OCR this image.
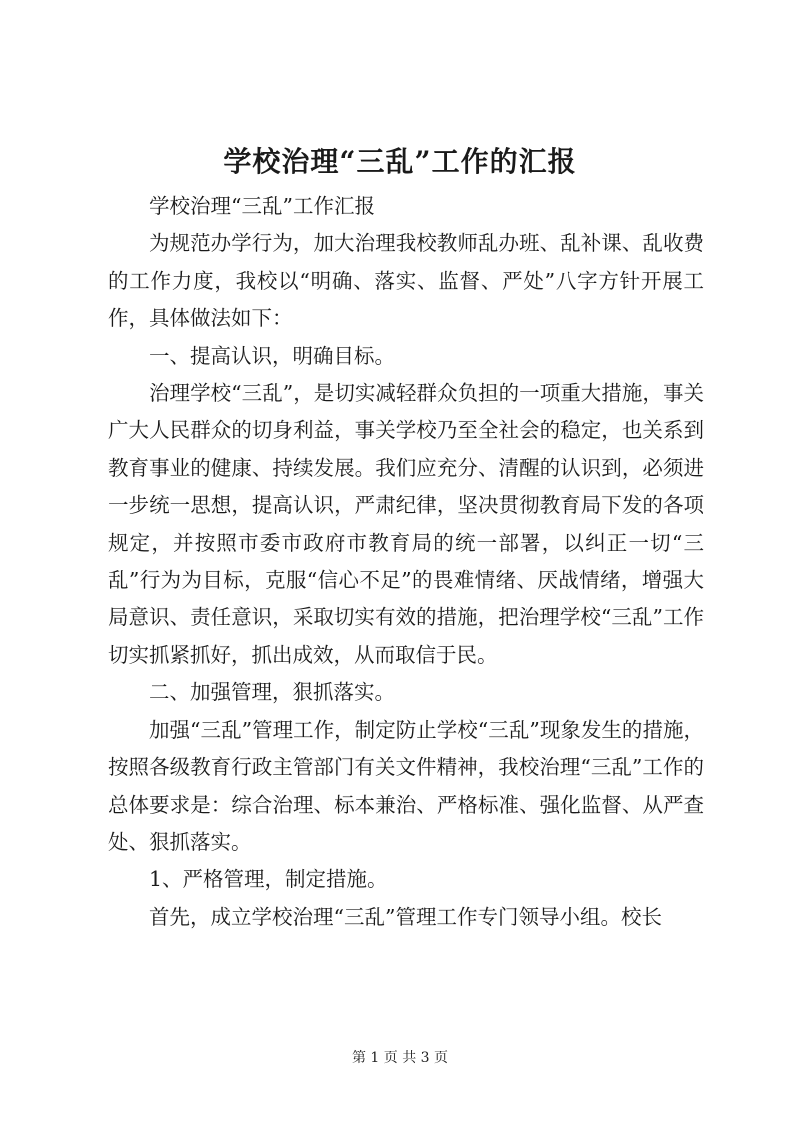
学校治理“三乱”工作的汇报

学校治理“三乱”工作汇报

为规范办学行为，加大治理我校教师乱办班、乱补课、乱收费的工作力度，我校以“明确、落实、监督、严处”八字方针开展工作，具体做法如下：

一、提高认识，明确目标。

治理学校“三乱”，是切实减轻群众负担的一项重大措施，事关广大人民群众的切身利益，事关学校乃至全社会的稳定，也关系到教育事业的健康、持续发展。我们应充分、清醒的认识到，必须进一步统一思想，提高认识，严肃纪律，坚决贯彻教育局下发的各项规定，并按照市委市政府市教育局的统一部署，以纠正一切“三乱”行为为目标，克服“信心不足”的畏难情绪、厌战情绪，增强大局意识、责任意识，采取切实有效的措施，把治理学校“三乱”工作切实抓紧抓好，抓出成效，从而取信于民。

二、加强管理，狠抓落实。

加强“三乱”管理工作，制定防止学校“三乱”现象发生的措施，按照各级教育行政主管部门有关文件精神，我校治理“三乱”工作的总体要求是：综合治理、标本兼治、严格标准、强化监督、从严查处、狠抓落实。

1、严格管理，制定措施。

首先，成立学校治理“三乱”管理工作专门领导小组。校长

第 1 页 共 3 页
